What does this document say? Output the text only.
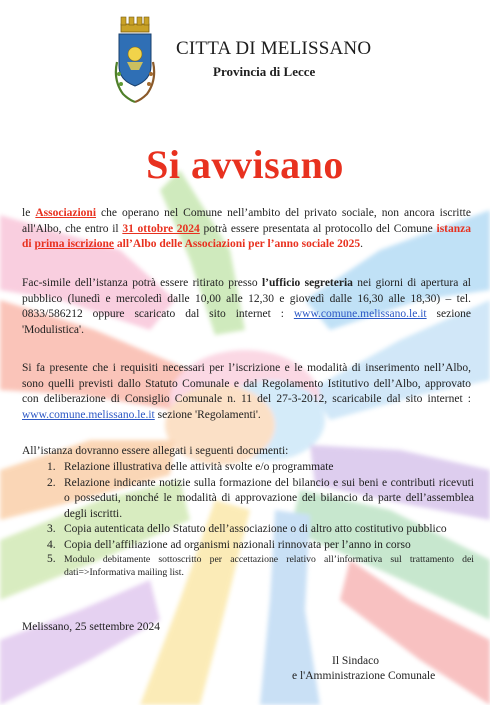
CITTA DI MELISSANO
Provincia di Lecce
Si avvisano
le Associazioni che operano nel Comune nell’ambito del privato sociale, non ancora iscritte all'Albo, che entro il 31 ottobre 2024 potrà essere presentata al protocollo del Comune istanza di prima iscrizione all’Albo delle Associazioni per l’anno sociale 2025.
Fac-simile dell’istanza potrà essere ritirato presso l’ufficio segreteria nei giorni di apertura al pubblico (lunedì e mercoledì dalle 10,00 alle 12,30 e giovedì dalle 16,30 alle 18,30) – tel. 0833/586212 oppure scaricato dal sito internet : www.comune.melissano.le.it sezione 'Modulistica'.
Si fa presente che i requisiti necessari per l’iscrizione e le modalità di inserimento nell’Albo, sono quelli previsti dallo Statuto Comunale e dal Regolamento Istitutivo dell’Albo, approvato con deliberazione di Consiglio Comunale n. 11 del 27-3-2012, scaricabile dal sito internet : www.comune.melissano.le.it sezione 'Regolamenti'.
All’istanza dovranno essere allegati i seguenti documenti:
1. Relazione illustrativa delle attività svolte e/o programmate
2. Relazione indicante notizie sulla formazione del bilancio e sui beni e contributi ricevuti o posseduti, nonché le modalità di approvazione del bilancio da parte dell’assemblea degli iscritti.
3. Copia autenticata dello Statuto dell’associazione o di altro atto costitutivo pubblico
4. Copia dell’affiliazione ad organismi nazionali rinnovata per l’anno in corso
5. Modulo debitamente sottoscritto per accettazione relativo all’informativa sul trattamento dei dati=>Informativa mailing list.
Melissano, 25 settembre 2024
Il Sindaco
e l'Amministrazione Comunale
